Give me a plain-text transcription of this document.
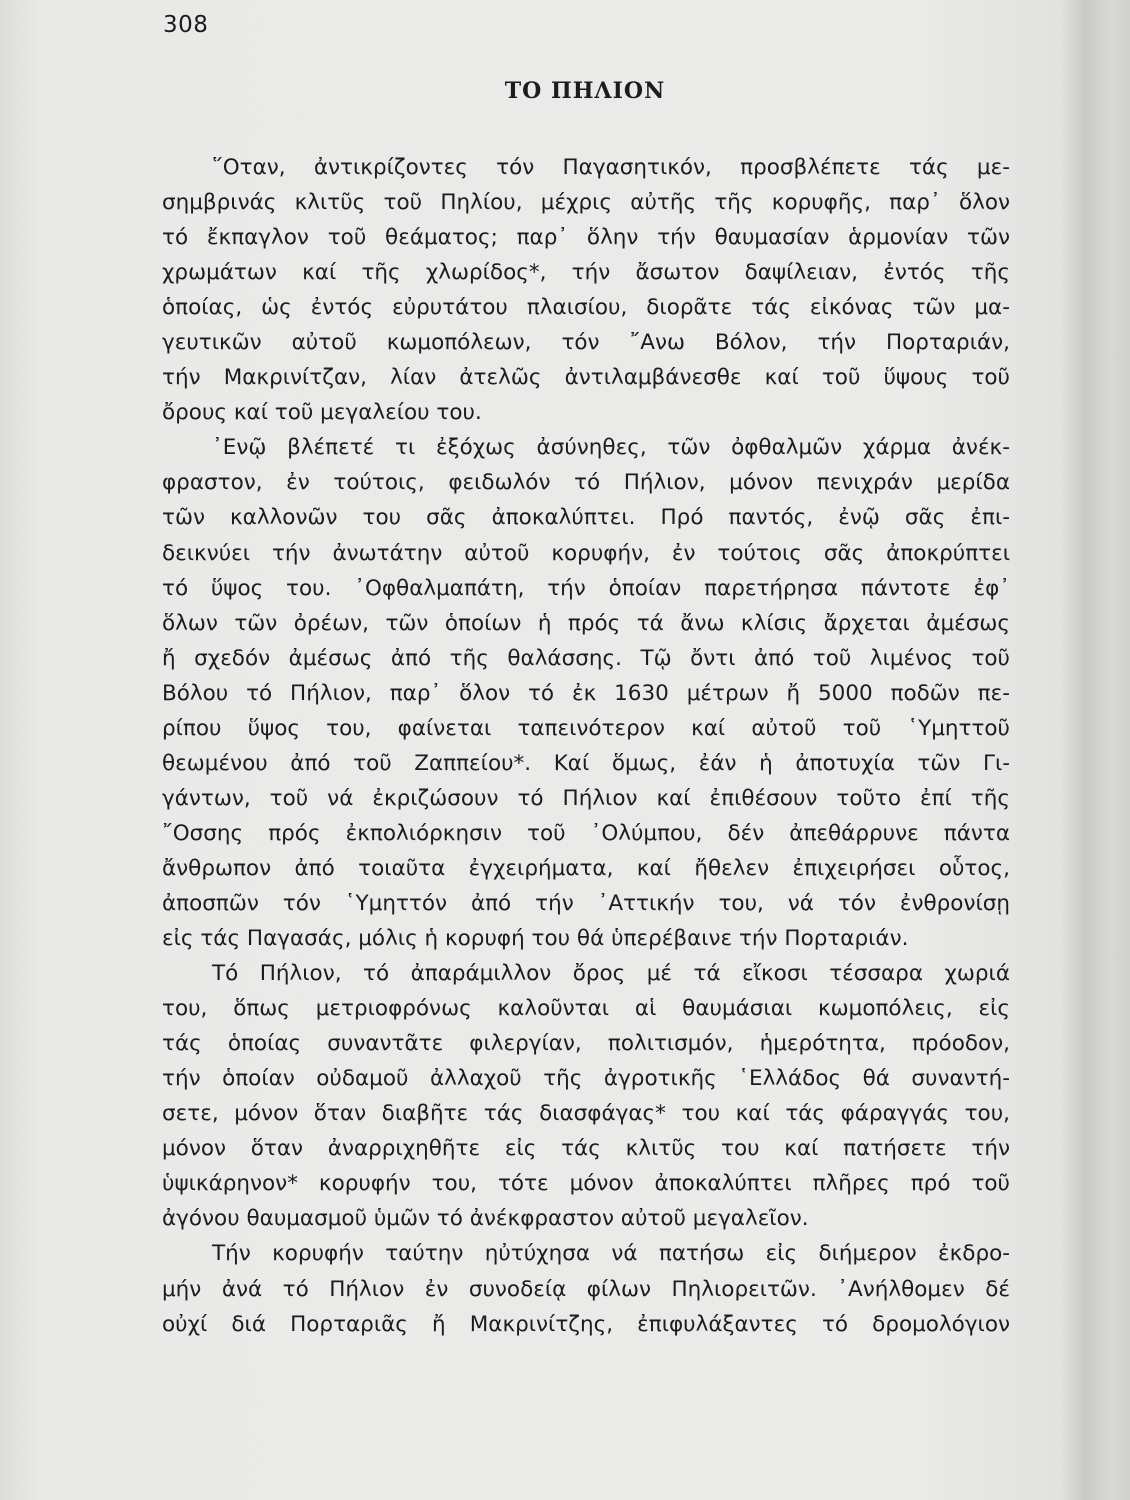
308
ΤΟ ΠΗΛΙΟΝ
῞Οταν, ἀντικρίζοντες τόν Παγασητικόν, προσβλέπετε τάς με-
σημβρινάς κλιτῦς τοῦ Πηλίου, μέχρις αὐτῆς τῆς κορυφῆς, παρ᾽ ὅλον
τό ἔκπαγλον τοῦ θεάματος; παρ᾽ ὅλην τήν θαυμασίαν ἁρμονίαν τῶν
χρωμάτων καί τῆς χλωρίδος*, τήν ἄσωτον δαψίλειαν, ἐντός τῆς
ὁποίας, ὡς ἐντός εὐρυτάτου πλαισίου, διορᾶτε τάς εἰκόνας τῶν μα-
γευτικῶν αὐτοῦ κωμοπόλεων, τόν ῎Ανω Βόλον, τήν Πορταριάν,
τήν Μακρινίτζαν, λίαν ἀτελῶς ἀντιλαμβάνεσθε καί τοῦ ὕψους τοῦ
ὄρους καί τοῦ μεγαλείου του.
᾽Ενῷ βλέπετέ τι ἐξόχως ἀσύνηθες, τῶν ὀφθαλμῶν χάρμα ἀνέκ-
φραστον, ἐν τούτοις, φειδωλόν τό Πήλιον, μόνον πενιχράν μερίδα
τῶν καλλονῶν του σᾶς ἀποκαλύπτει. Πρό παντός, ἐνῷ σᾶς ἐπι-
δεικνύει τήν ἀνωτάτην αὐτοῦ κορυφήν, ἐν τούτοις σᾶς ἀποκρύπτει
τό ὕψος του. ᾽Οφθαλμαπάτη, τήν ὁποίαν παρετήρησα πάντοτε ἐφ᾽
ὅλων τῶν ὀρέων, τῶν ὁποίων ἡ πρός τά ἄνω κλίσις ἄρχεται ἀμέσως
ἤ σχεδόν ἀμέσως ἀπό τῆς θαλάσσης. Τῷ ὄντι ἀπό τοῦ λιμένος τοῦ
Βόλου τό Πήλιον, παρ᾽ ὅλον τό ἐκ 1630 μέτρων ἤ 5000 ποδῶν πε-
ρίπου ὕψος του, φαίνεται ταπεινότερον καί αὐτοῦ τοῦ ῾Υμηττοῦ
θεωμένου ἀπό τοῦ Ζαππείου*. Καί ὅμως, ἐάν ἡ ἀποτυχία τῶν Γι-
γάντων, τοῦ νά ἐκριζώσουν τό Πήλιον καί ἐπιθέσουν τοῦτο ἐπί τῆς
῎Οσσης πρός ἐκπολιόρκησιν τοῦ ᾽Ολύμπου, δέν ἀπεθάρρυνε πάντα
ἄνθρωπον ἀπό τοιαῦτα ἐγχειρήματα, καί ἤθελεν ἐπιχειρήσει οὗτος,
ἀποσπῶν τόν ῾Υμηττόν ἀπό τήν ᾽Αττικήν του, νά τόν ἐνθρονίσῃ
εἰς τάς Παγασάς, μόλις ἡ κορυφή του θά ὑπερέβαινε τήν Πορταριάν.
Τό Πήλιον, τό ἀπαράμιλλον ὄρος μέ τά εἴκοσι τέσσαρα χωριά
του, ὅπως μετριοφρόνως καλοῦνται αἱ θαυμάσιαι κωμοπόλεις, εἰς
τάς ὁποίας συναντᾶτε φιλεργίαν, πολιτισμόν, ἡμερότητα, πρόοδον,
τήν ὁποίαν οὐδαμοῦ ἀλλαχοῦ τῆς ἀγροτικῆς ῾Ελλάδος θά συναντή-
σετε, μόνον ὅταν διαβῆτε τάς διασφάγας* του καί τάς φάραγγάς του,
μόνον ὅταν ἀναρριχηθῆτε εἰς τάς κλιτῦς του καί πατήσετε τήν
ὑψικάρηνον* κορυφήν του, τότε μόνον ἀποκαλύπτει πλῆρες πρό τοῦ
ἀγόνου θαυμασμοῦ ὑμῶν τό ἀνέκφραστον αὐτοῦ μεγαλεῖον.
Τήν κορυφήν ταύτην ηὐτύχησα νά πατήσω εἰς διήμερον ἐκδρο-
μήν ἀνά τό Πήλιον ἐν συνοδείᾳ φίλων Πηλιορειτῶν. ᾽Ανήλθομεν δέ
οὐχί διά Πορταριᾶς ἤ Μακρινίτζης, ἐπιφυλάξαντες τό δρομολόγιον
